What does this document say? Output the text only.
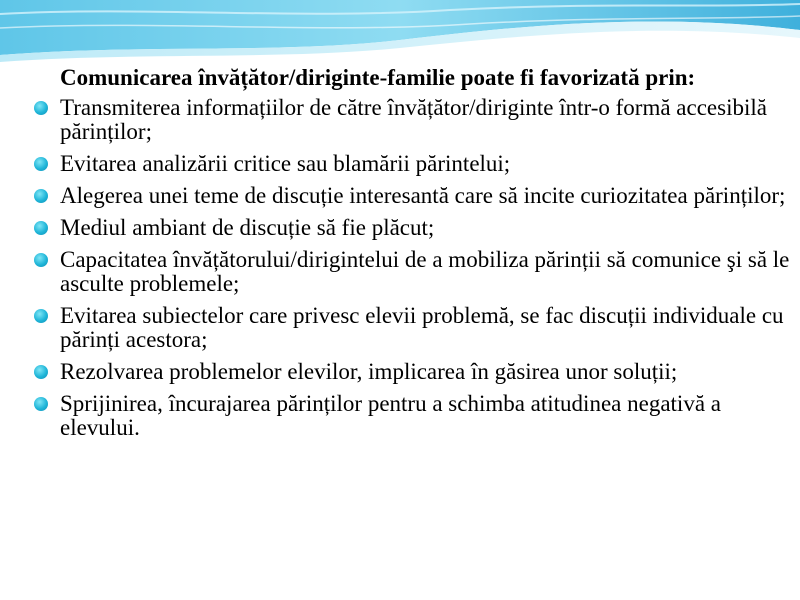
Comunicarea învățător/diriginte-familie poate fi favorizată prin:
Transmiterea informațiilor de către învățător/diriginte într-o formă accesibilă părinților;
Evitarea analizării critice sau blamării părintelui;
Alegerea unei teme de discuție interesantă care să incite curiozitatea părinților;
Mediul ambiant de discuție să fie plăcut;
Capacitatea învățătorului/dirigintelui de a mobiliza părinții să comunice şi să le asculte problemele;
Evitarea subiectelor care privesc elevii problemă, se fac discuții individuale cu părinți acestora;
Rezolvarea problemelor elevilor, implicarea în găsirea unor soluții;
Sprijinirea, încurajarea părinților pentru a schimba atitudinea negativă a elevului.
